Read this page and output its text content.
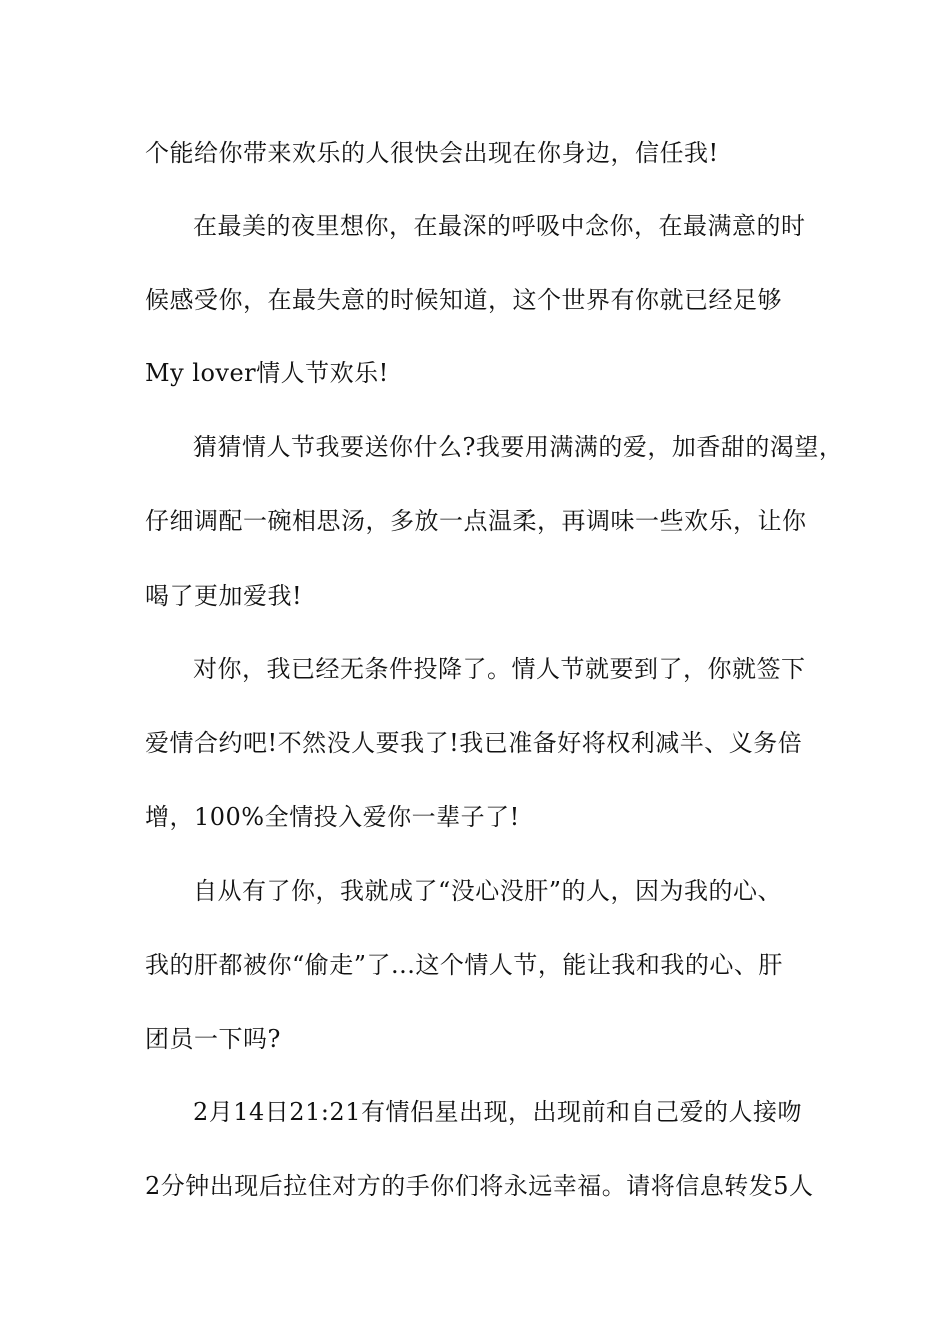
个能给你带来欢乐的人很快会出现在你身边，信任我!
在最美的夜里想你，在最深的呼吸中念你，在最满意的时
候感受你，在最失意的时候知道，这个世界有你就已经足够
My lover情人节欢乐!
猜猜情人节我要送你什么?我要用满满的爱，加香甜的渴望，
仔细调配一碗相思汤，多放一点温柔，再调味一些欢乐，让你
喝了更加爱我!
对你，我已经无条件投降了。情人节就要到了，你就签下
爱情合约吧!不然没人要我了!我已准备好将权利减半、义务倍
增，100%全情投入爱你一辈子了!
自从有了你，我就成了“没心没肝”的人，因为我的心、
我的肝都被你“偷走”了...这个情人节，能让我和我的心、肝
团员一下吗?
2月14日21:21有情侣星出现，出现前和自己爱的人接吻
2分钟出现后拉住对方的手你们将永远幸福。请将信息转发5人
